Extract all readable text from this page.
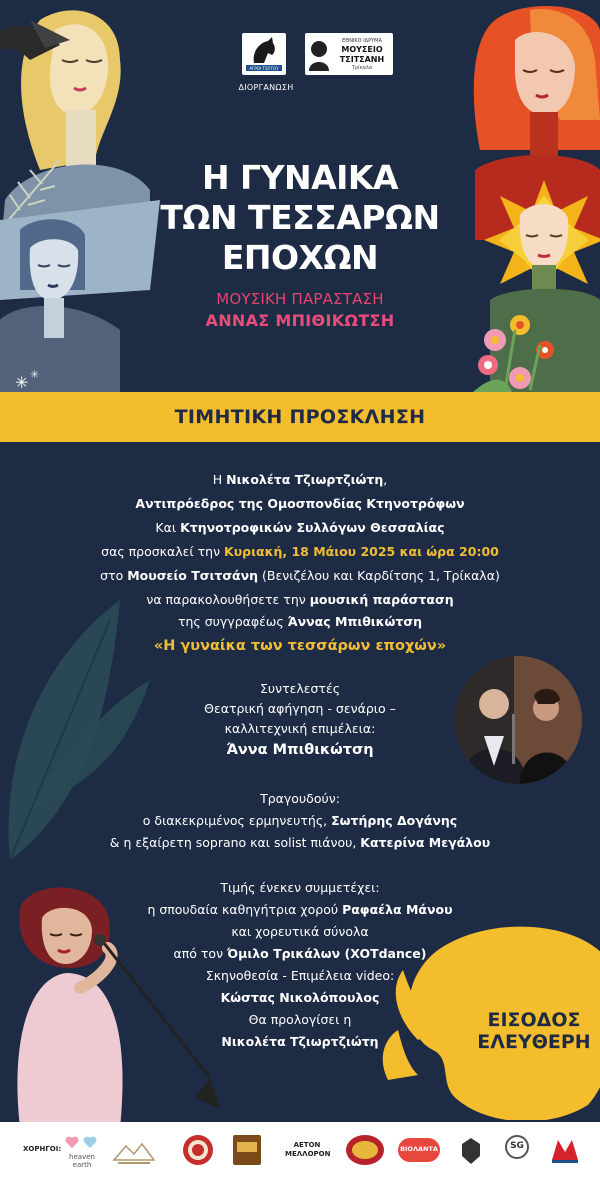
✳ ✳
ΑΓΡΟΙ ΤΣΙΓΓΟΥ
ΕΘΝΙΚΟ ΙΔΡΥΜΑ
ΜΟΥΣΕΙΟ
ΤΣΙΤΣΑΝΗ
Τρίκαλα
ΔΙΟΡΓΑΝΩΣΗ
Η ΓΥΝΑΙΚΑ
ΤΩΝ ΤΕΣΣΑΡΩΝ
ΕΠΟΧΩΝ
ΜΟΥΣΙΚΗ ΠΑΡΑΣΤΑΣΗ
ΑΝΝΑΣ ΜΠΙΘΙΚΩΤΣΗ
ΤΙΜΗΤΙΚΗ ΠΡΟΣΚΛΗΣΗ
Η Νικολέτα Τζιωρτζιώτη,
Αντιπρόεδρος της Ομοσπονδίας Κτηνοτρόφων
Και Κτηνοτροφικών Συλλόγων Θεσσαλίας
σας προσκαλεί την Κυριακή, 18 Μάιου 2025 και ώρα 20:00
στο Μουσείο Τσιτσάνη (Βενιζέλου και Καρδίτσης 1, Τρίκαλα)
να παρακολουθήσετε την μουσική παράσταση
της συγγραφέως Άννας Μπιθικώτση
«Η γυναίκα των τεσσάρων εποχών»
Συντελεστές
Θεατρική αφήγηση - σενάριο –
καλλιτεχνική επιμέλεια:
Άννα Μπιθικώτση
Τραγουδούν:
ο διακεκριμένος ερμηνευτής, Σωτήρης Δογάνης
& η εξαίρετη soprano και solist πιάνου, Κατερίνα Μεγάλου
Τιμής ένεκεν συμμετέχει:
η σπουδαία καθηγήτρια χορού Ραφαέλα Μάνου
και χορευτικά σύνολα
από τον Όμιλο Τρικάλων (XOTdance)
Σκηνοθεσία - Επιμέλεια video:
Κώστας Νικολόπουλος
Θα προλογίσει η
Νικολέτα Τζιωρτζιώτη
ΕΙΣΟΔΟΣ
ΕΛΕΥΘΕΡΗ
ΧΟΡΗΓΟΙ:
heaven
earth
ΑΕΤΟΝ ΜΕΛΛΟΡΟΝ
ΒΙΟΛΑΝΤΑ	SG
